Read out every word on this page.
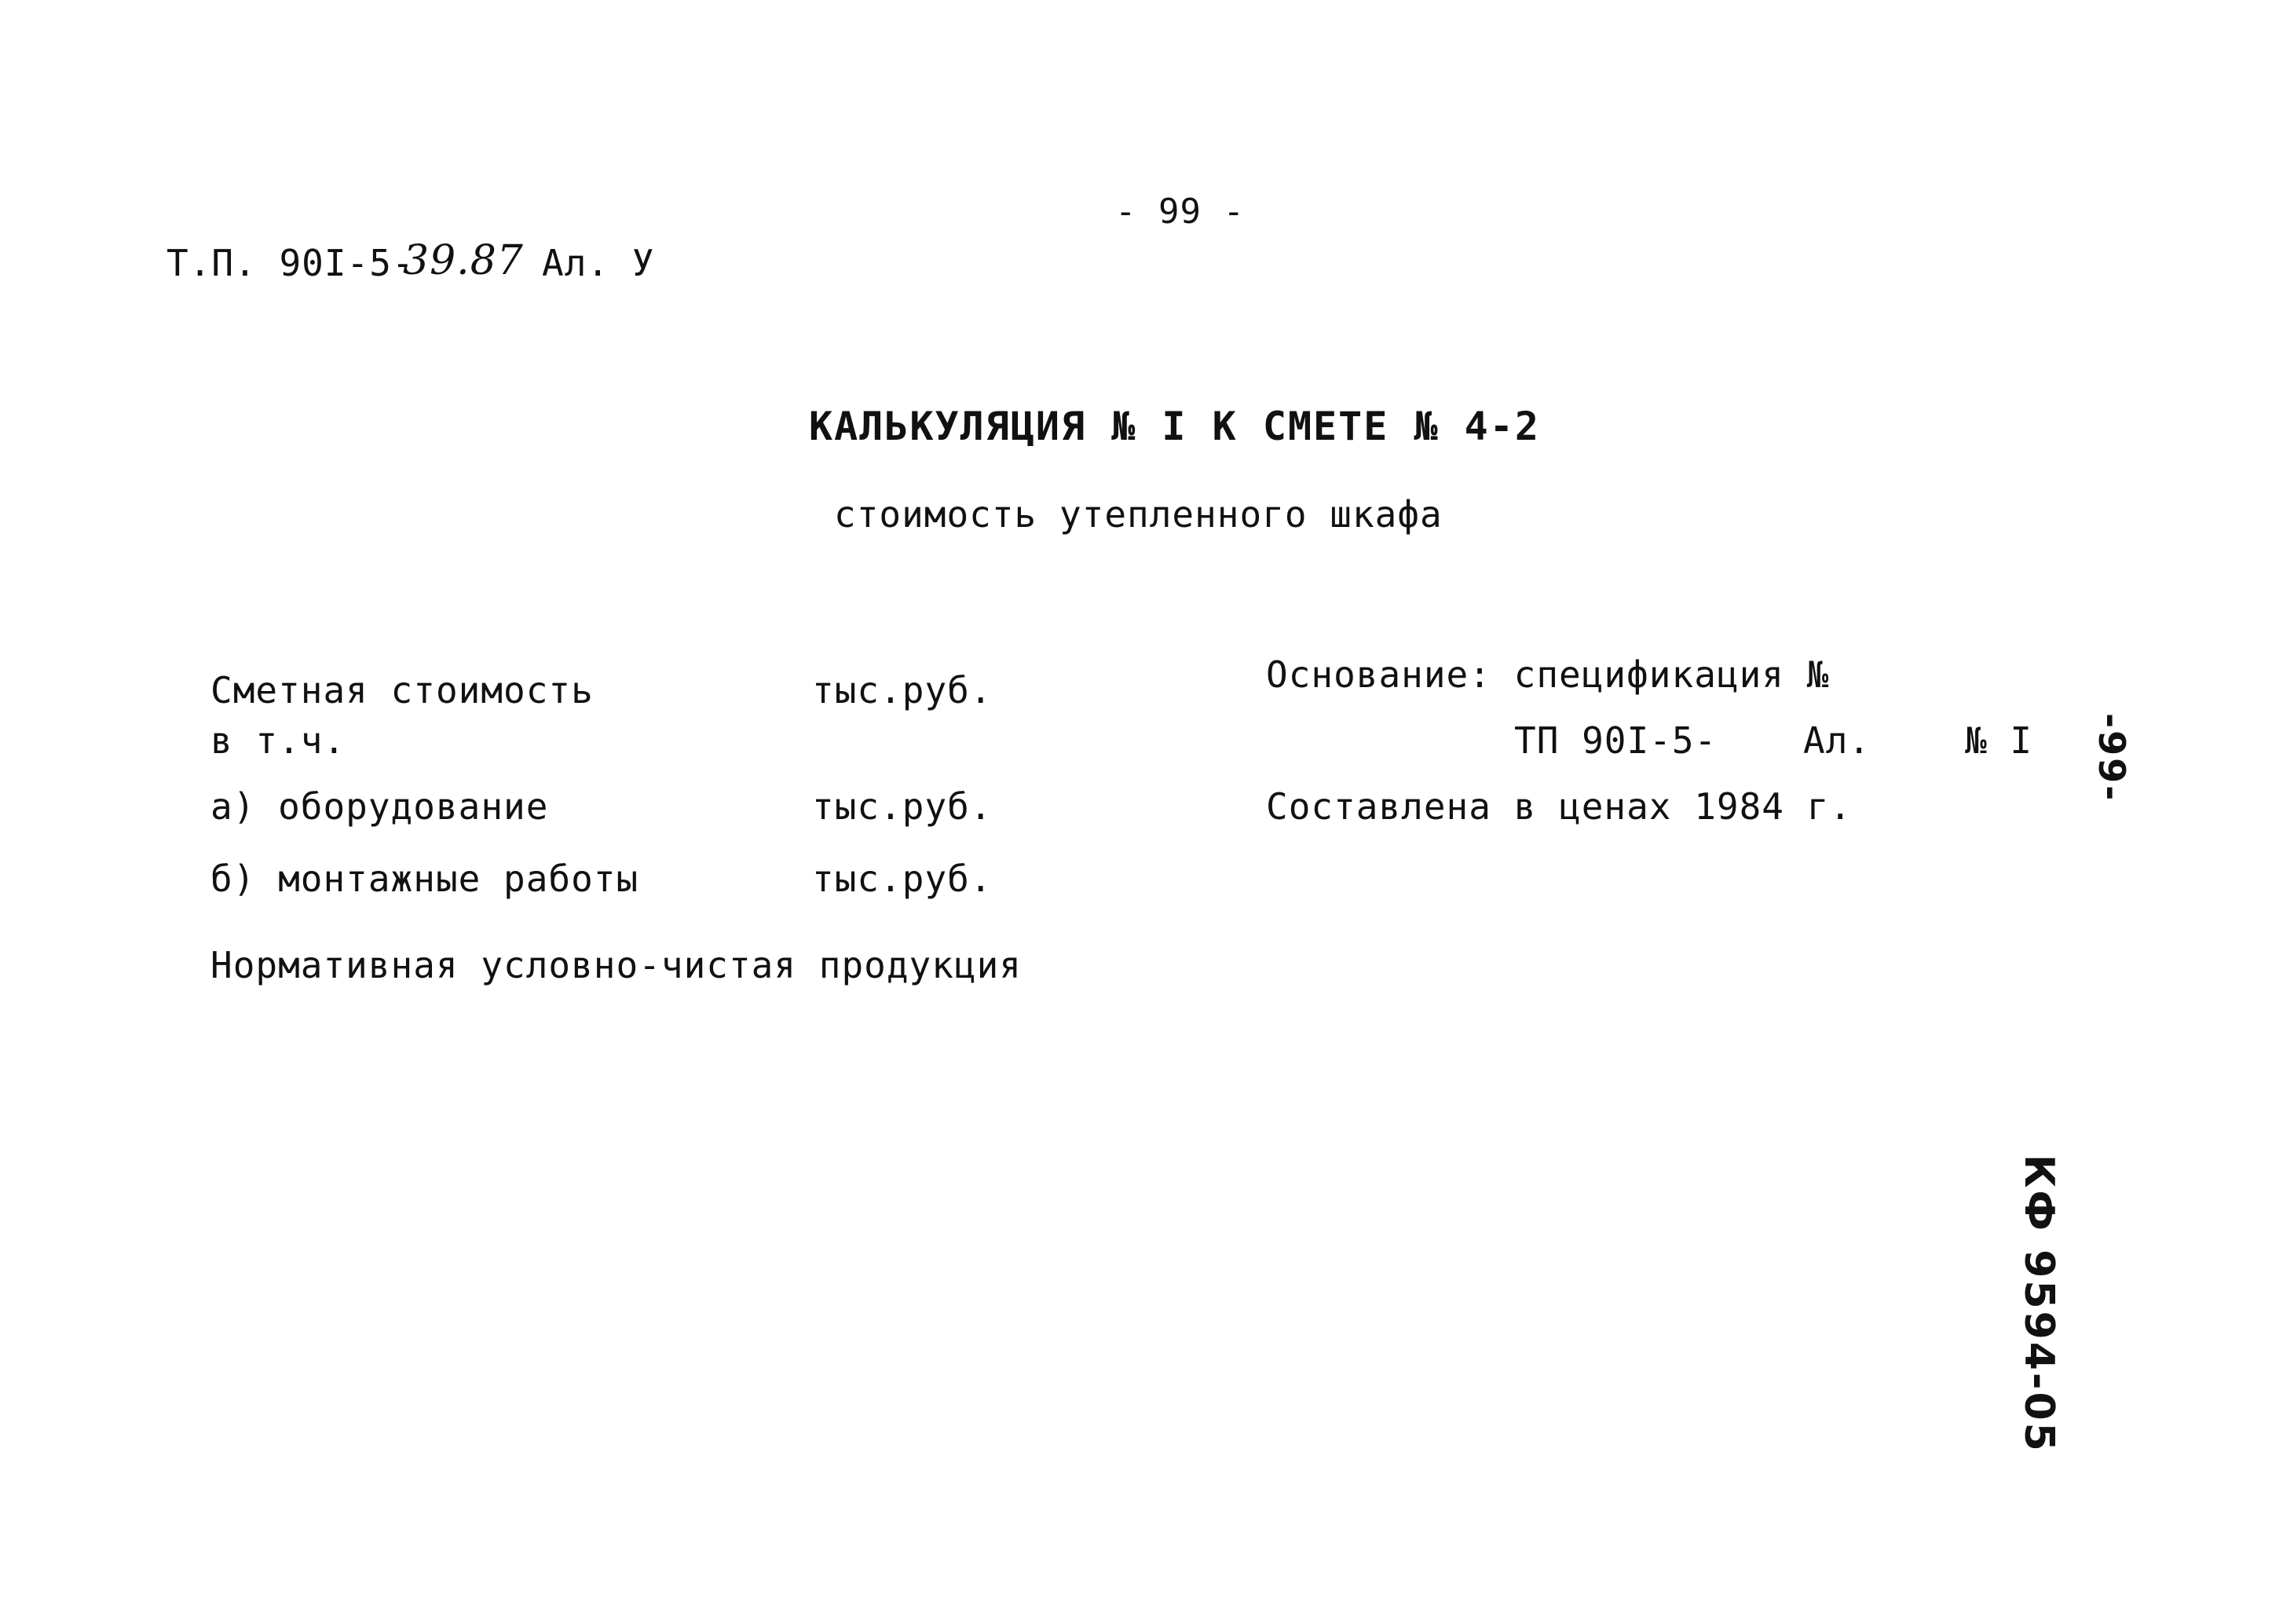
- 99 -
Т.П. 90I-5-
39.87 Ал. У
КАЛЬКУЛЯЦИЯ № I К СМЕТЕ № 4-2
стоимость утепленного шкафа
Сметная стоимость	тыс.руб.
в т.ч.
а) оборудование	тыс.руб.
б) монтажные работы	тыс.руб.
Нормативная условно-чистая продукция
Основание: спецификация №
ТП 90I-5- Ал.	№ I
Составлена в ценах 1984 г.
-99-
КФ 9594-05
